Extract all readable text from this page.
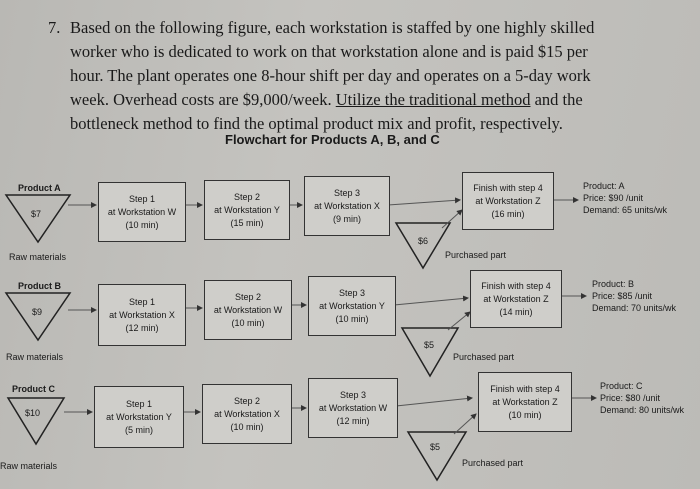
7. Based on the following figure, each workstation is staffed by one highly skilled
worker who is dedicated to work on that workstation alone and is paid $15 per
hour. The plant operates one 8-hour shift per day and operates on a 5-day work
week. Overhead costs are $9,000/week. Utilize the traditional method and the
bottleneck method to find the optimal product mix and profit, respectively.
Flowchart for Products A, B, and C
Product A
$7
Raw materials
Step 1
at Workstation W
(10 min)
Step 2
at Workstation Y
(15 min)
Step 3
at Workstation X
(9 min)
$6
Purchased part
Finish with step 4
at Workstation Z
(16 min)
Product: A
Price: $90 /unit
Demand: 65 units/wk
Product B
$9
Raw materials
Step 1
at Workstation X
(12 min)
Step 2
at Workstation W
(10 min)
Step 3
at Workstation Y
(10 min)
$5
Purchased part
Finish with step 4
at Workstation Z
(14 min)
Product: B
Price: $85 /unit
Demand: 70 units/wk
Product C
$10
Raw materials
Step 1
at Workstation Y
(5 min)
Step 2
at Workstation X
(10 min)
Step 3
at Workstation W
(12 min)
$5
Purchased part
Finish with step 4
at Workstation Z
(10 min)
Product: C
Price: $80 /unit
Demand: 80 units/wk
